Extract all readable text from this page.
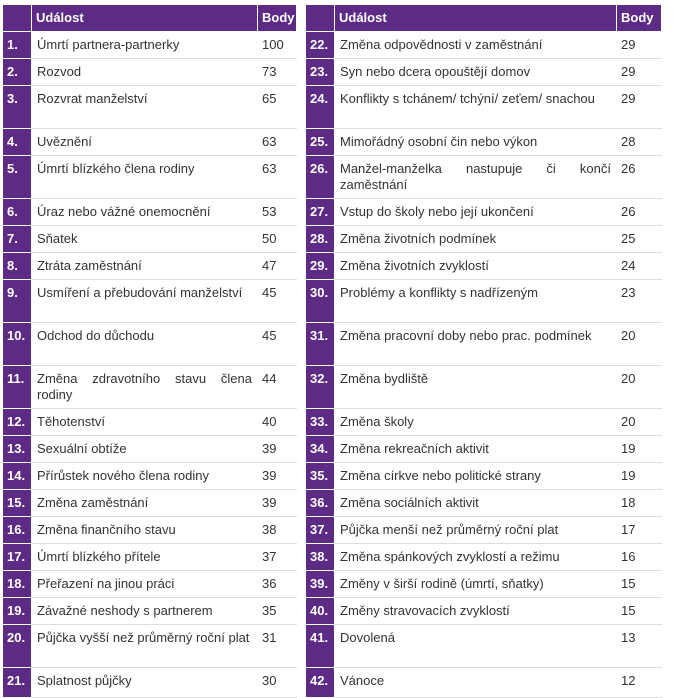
	Událost	Body
1.	Úmrtí partnera-partnerky	100
2.	Rozvod	73
3.	Rozvrat manželství	65
4.	Uvěznění	63
5.	Úmrtí blízkého člena rodiny	63
6.	Úraz nebo vážné onemocnění	53
7.	Sňatek	50
8.	Ztráta zaměstnání	47
9.	Usmíření a přebudování manželství	45
10.	Odchod do důchodu	45
11.	Změna zdravotního stavu člena rodiny	44
12.	Těhotenství	40
13.	Sexuální obtíže	39
14.	Přírůstek nového člena rodiny	39
15.	Změna zaměstnání	39
16.	Změna finančního stavu	38
17.	Úmrtí blízkého přítele	37
18.	Přeřazení na jinou práci	36
19.	Závažné neshody s partnerem	35
20.	Půjčka vyšší než průměrný roční plat	31
21.	Splatnost půjčky	30
	Událost	Body
22.	Změna odpovědnosti v zaměstnání	29
23.	Syn nebo dcera opouštějí domov	29
24.	Konflikty s tchánem/ tchýní/ zeťem/ snachou	29
25.	Mimořádný osobní čin nebo výkon	28
26.	Manžel-manželka nastupuje či končí zaměstnání	26
27.	Vstup do školy nebo její ukončení	26
28.	Změna životních podmínek	25
29.	Změna životních zvyklostí	24
30.	Problémy a konflikty s nadřízeným	23
31.	Změna pracovní doby nebo prac. podmínek	20
32.	Změna bydliště	20
33.	Změna školy	20
34.	Změna rekreačních aktivit	19
35.	Změna církve nebo politické strany	19
36.	Změna sociálních aktivit	18
37.	Půjčka menší než průměrný roční plat	17
38.	Změna spánkových zvyklostí a režimu	16
39.	Změny v širší rodině (úmrtí, sňatky)	15
40.	Změny stravovacích zvyklostí	15
41.	Dovolená	13
42.	Vánoce	12
